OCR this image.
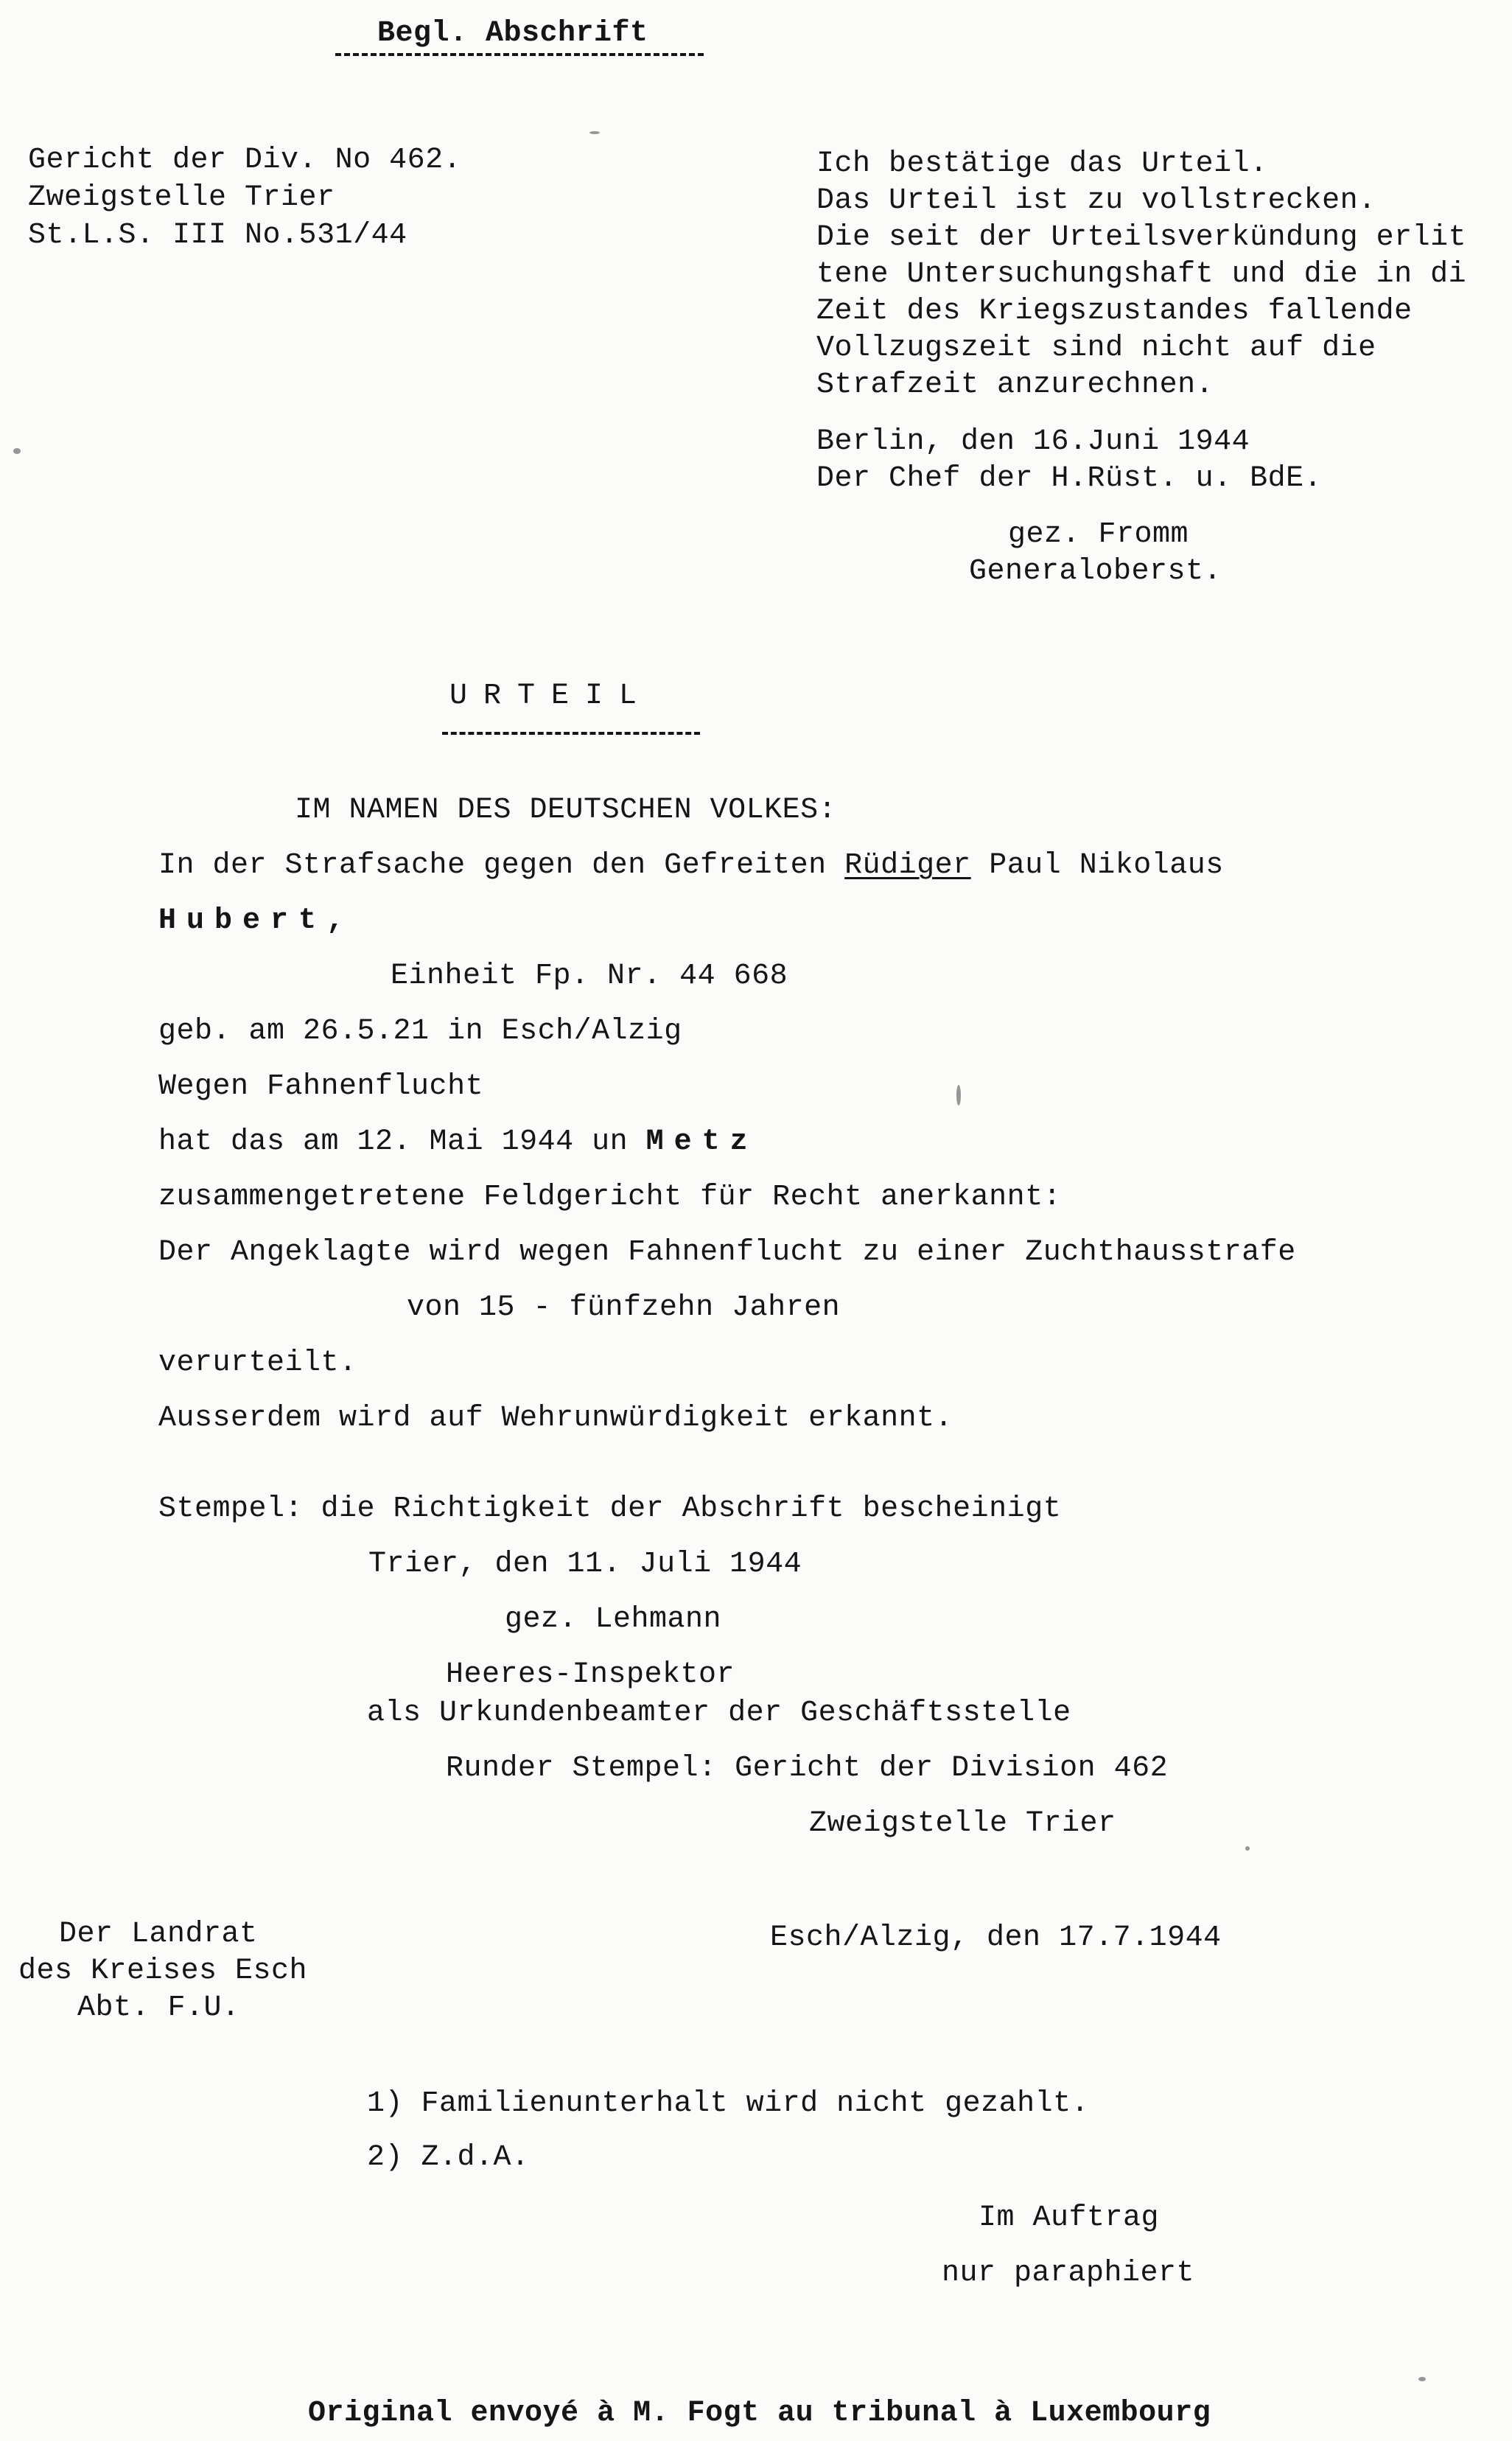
Begl. Abschrift
Gericht der Div. No 462.
Zweigstelle Trier
St.L.S. III No.531/44
Ich bestätige das Urteil.
Das Urteil ist zu vollstrecken.
Die seit der Urteilsverkündung erlit
tene Untersuchungshaft und die in di
Zeit des Kriegszustandes fallende
Vollzugszeit sind nicht auf die
Strafzeit anzurechnen.
Berlin, den 16.Juni 1944
Der Chef der H.Rüst. u. BdE.
gez. Fromm
Generaloberst.
URTEIL
IM NAMEN DES DEUTSCHEN VOLKES:
In der Strafsache gegen den Gefreiten Rüdiger Paul Nikolaus
Hubert,
Einheit Fp. Nr. 44 668
geb. am 26.5.21 in Esch/Alzig
Wegen Fahnenflucht
hat das am 12. Mai 1944 un Metz
zusammengetretene Feldgericht für Recht anerkannt:
Der Angeklagte wird wegen Fahnenflucht zu einer Zuchthausstrafe
von 15 - fünfzehn Jahren
verurteilt.
Ausserdem wird auf Wehrunwürdigkeit erkannt.
Stempel: die Richtigkeit der Abschrift bescheinigt
Trier, den 11. Juli 1944
gez. Lehmann
Heeres-Inspektor
als Urkundenbeamter der Geschäftsstelle
Runder Stempel: Gericht der Division 462
Zweigstelle Trier
Der Landrat
des Kreises Esch
Abt. F.U.
Esch/Alzig, den 17.7.1944
1) Familienunterhalt wird nicht gezahlt.
2) Z.d.A.
Im Auftrag
nur paraphiert
Original envoyé à M. Fogt au tribunal à Luxembourg
